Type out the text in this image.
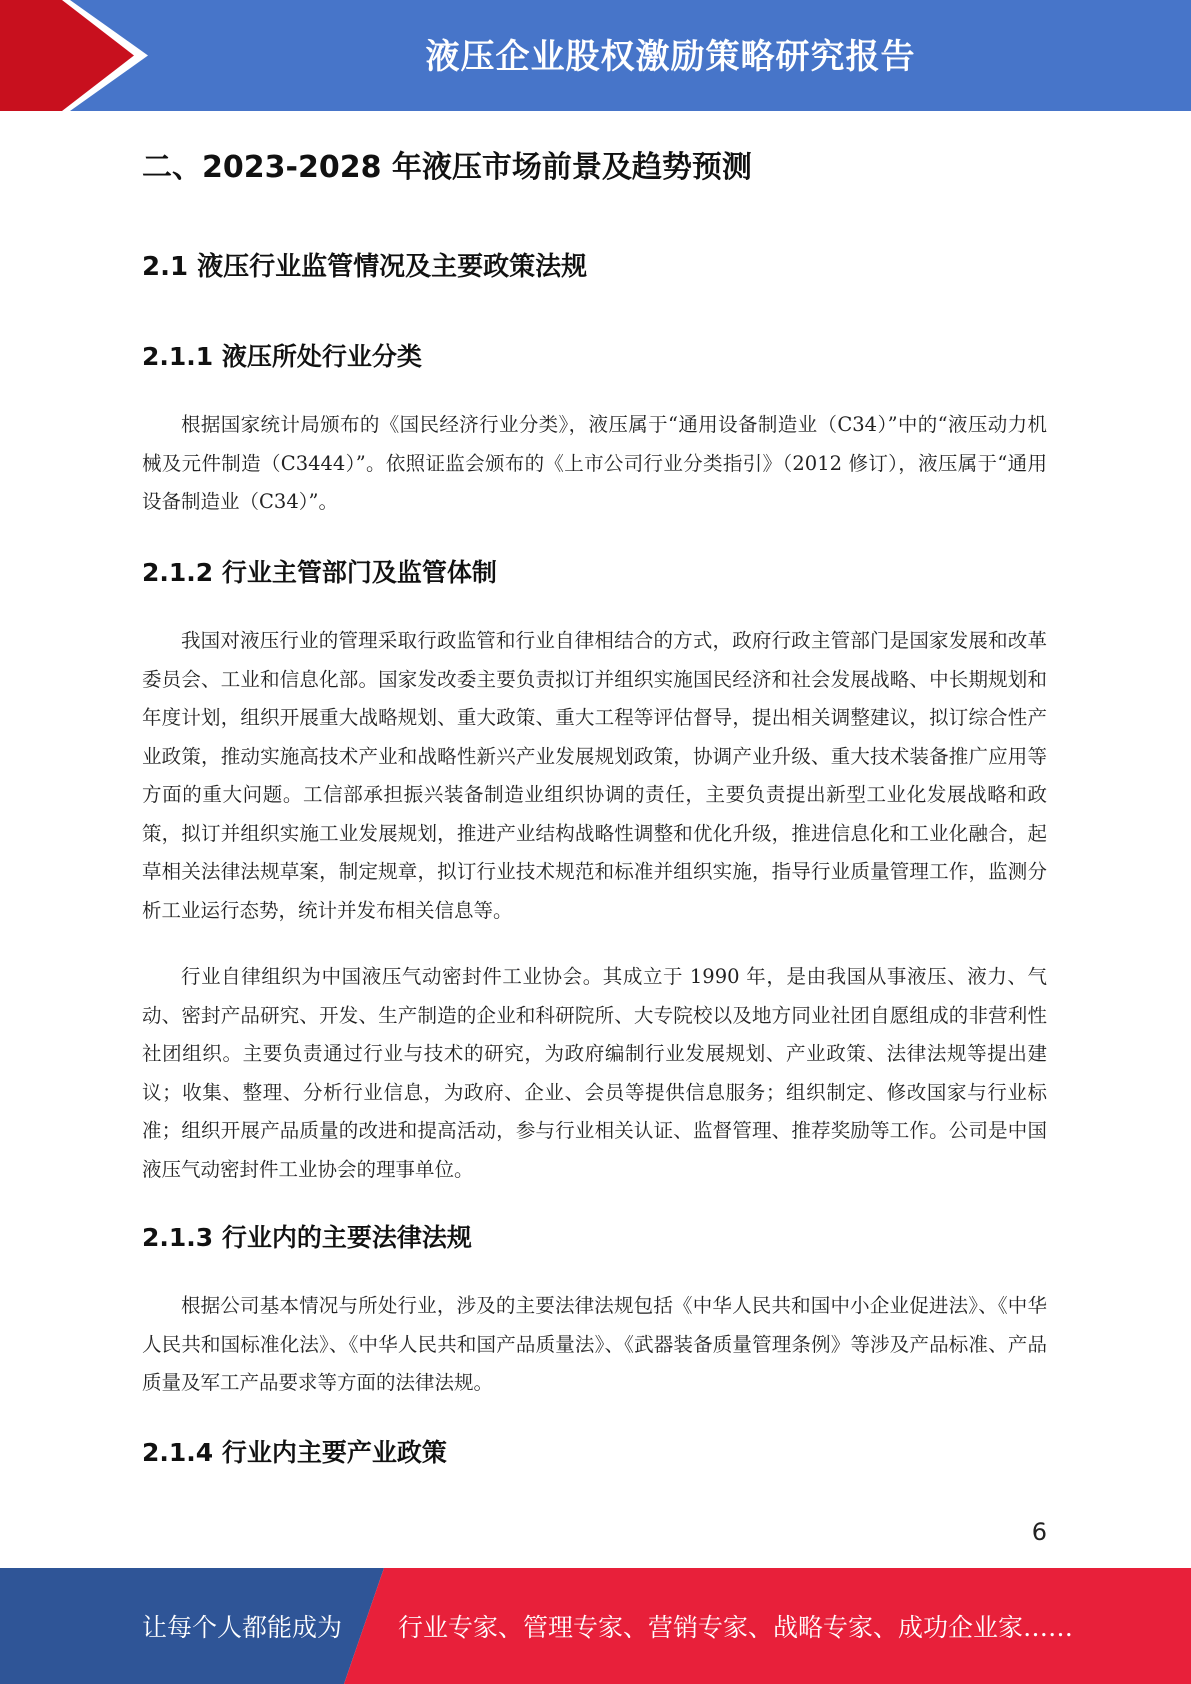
液压企业股权激励策略研究报告
二、2023-2028 年液压市场前景及趋势预测
2.1 液压行业监管情况及主要政策法规
2.1.1 液压所处行业分类

根据国家统计局颁布的《国民经济行业分类》，液压属于“通用设备制造业（C34）”中的“液压动力机械及元件制造（C3444）”。依照证监会颁布的《上市公司行业分类指引》（2012 修订），液压属于“通用设备制造业（C34）”。

2.1.2 行业主管部门及监管体制

我国对液压行业的管理采取行政监管和行业自律相结合的方式，政府行政主管部门是国家发展和改革委员会、工业和信息化部。国家发改委主要负责拟订并组织实施国民经济和社会发展战略、中长期规划和年度计划，组织开展重大战略规划、重大政策、重大工程等评估督导，提出相关调整建议，拟订综合性产业政策，推动实施高技术产业和战略性新兴产业发展规划政策，协调产业升级、重大技术装备推广应用等方面的重大问题。工信部承担振兴装备制造业组织协调的责任，主要负责提出新型工业化发展战略和政策，拟订并组织实施工业发展规划，推进产业结构战略性调整和优化升级，推进信息化和工业化融合，起草相关法律法规草案，制定规章，拟订行业技术规范和标准并组织实施，指导行业质量管理工作，监测分析工业运行态势，统计并发布相关信息等。

行业自律组织为中国液压气动密封件工业协会。其成立于 1990 年，是由我国从事液压、液力、气动、密封产品研究、开发、生产制造的企业和科研院所、大专院校以及地方同业社团自愿组成的非营利性社团组织。主要负责通过行业与技术的研究，为政府编制行业发展规划、产业政策、法律法规等提出建议；收集、整理、分析行业信息，为政府、企业、会员等提供信息服务；组织制定、修改国家与行业标准；组织开展产品质量的改进和提高活动，参与行业相关认证、监督管理、推荐奖励等工作。公司是中国液压气动密封件工业协会的理事单位。

2.1.3 行业内的主要法律法规

根据公司基本情况与所处行业，涉及的主要法律法规包括《中华人民共和国中小企业促进法》、《中华人民共和国标准化法》、《中华人民共和国产品质量法》、《武器装备质量管理条例》等涉及产品标准、产品质量及军工产品要求等方面的法律法规。

2.1.4 行业内主要产业政策
6
让每个人都能成为 行业专家、管理专家、营销专家、战略专家、成功企业家……
